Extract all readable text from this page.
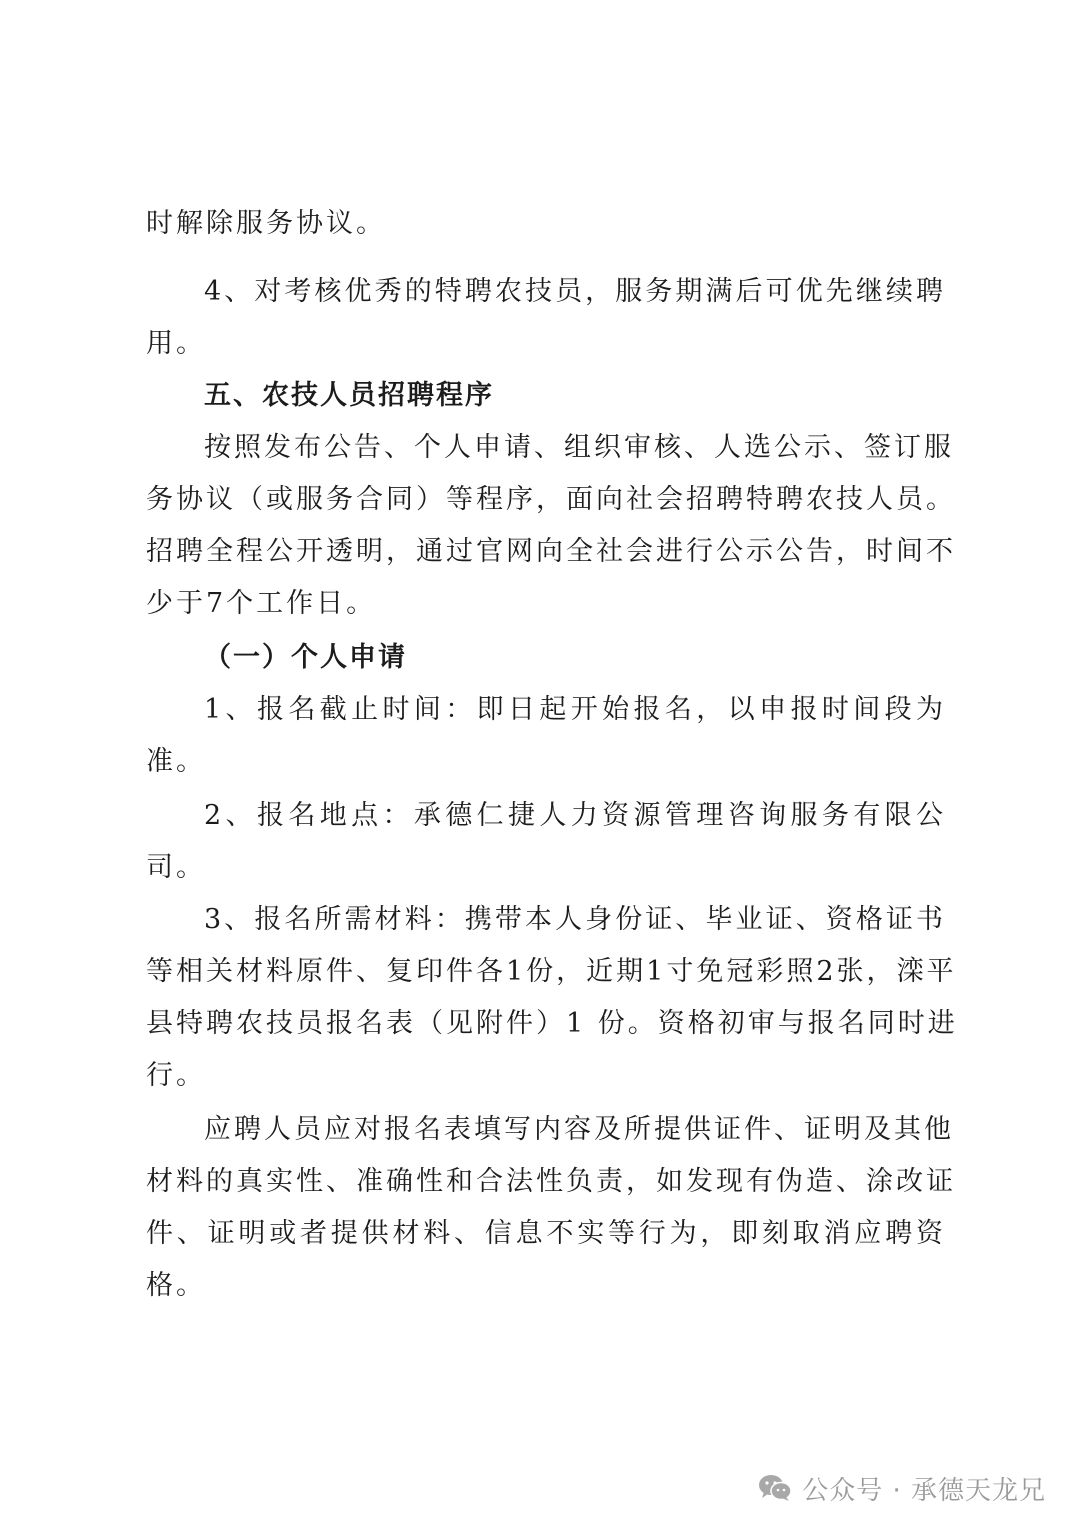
时解除服务协议。
4、对考核优秀的特聘农技员，服务期满后可优先继续聘
用。
五、农技人员招聘程序
按照发布公告、个人申请、组织审核、人选公示、签订服
务协议（或服务合同）等程序，面向社会招聘特聘农技人员。
招聘全程公开透明，通过官网向全社会进行公示公告，时间不
少于7个工作日。
（一）个人申请
1、报名截止时间：即日起开始报名，以申报时间段为
准。
2、报名地点：承德仁捷人力资源管理咨询服务有限公
司。
3、报名所需材料：携带本人身份证、毕业证、资格证书
等相关材料原件、复印件各1份，近期1寸免冠彩照2张，滦平
县特聘农技员报名表（见附件）1 份。资格初审与报名同时进
行。
应聘人员应对报名表填写内容及所提供证件、证明及其他
材料的真实性、准确性和合法性负责，如发现有伪造、涂改证
件、证明或者提供材料、信息不实等行为，即刻取消应聘资
格。
公众号 · 承德天龙兄
